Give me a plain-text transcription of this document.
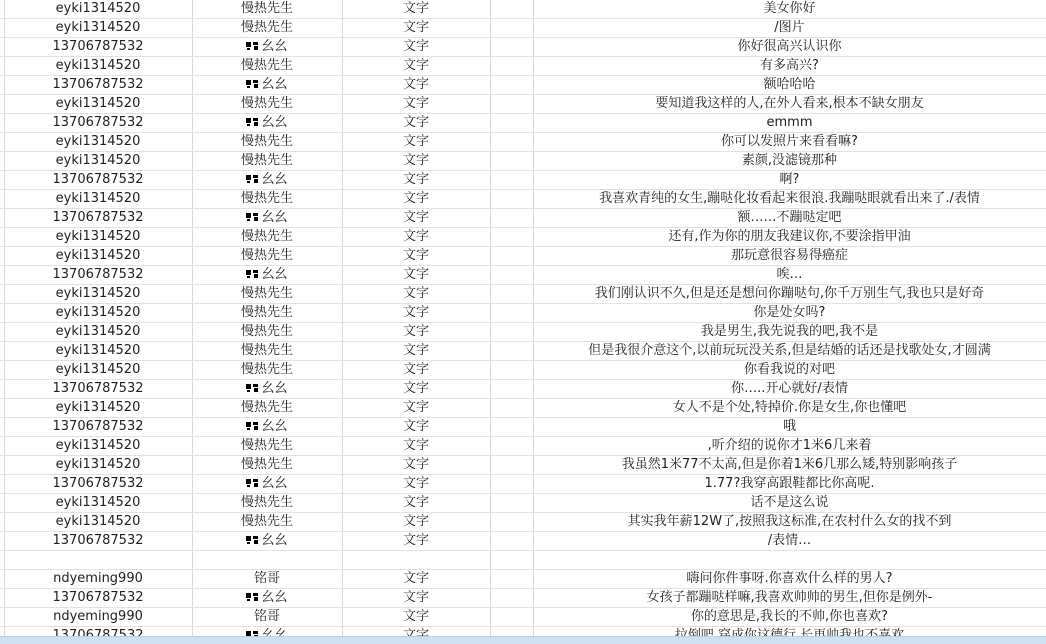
	eyki1314520	慢热先生	文字		美女你好
	eyki1314520	慢热先生	文字		/图片
	13706787532	幺幺	文字		你好很高兴认识你
	eyki1314520	慢热先生	文字		有多高兴?
	13706787532	幺幺	文字		额哈哈哈
	eyki1314520	慢热先生	文字		要知道我这样的人,在外人看来,根本不缺女朋友
	13706787532	幺幺	文字		emmm
	eyki1314520	慢热先生	文字		你可以发照片来看看嘛?
	eyki1314520	慢热先生	文字		素颜,没滤镜那种
	13706787532	幺幺	文字		啊?
	eyki1314520	慢热先生	文字		我喜欢青纯的女生,蹦哒化妆看起来很浪.我蹦哒眼就看出来了./表情
	13706787532	幺幺	文字		额……不蹦哒定吧
	eyki1314520	慢热先生	文字		还有,作为你的朋友我建议你,不要涂指甲油
	eyki1314520	慢热先生	文字		那玩意很容易得癌症
	13706787532	幺幺	文字		唉…
	eyki1314520	慢热先生	文字		我们刚认识不久,但是还是想问你蹦哒句,你千万别生气,我也只是好奇
	eyki1314520	慢热先生	文字		你是处女吗?
	eyki1314520	慢热先生	文字		我是男生,我先说我的吧,我不是
	eyki1314520	慢热先生	文字		但是我很介意这个,以前玩玩没关系,但是结婚的话还是找歌处女,才圆满
	eyki1314520	慢热先生	文字		你看我说的对吧
	13706787532	幺幺	文字		你…..开心就好/表情
	eyki1314520	慢热先生	文字		女人不是个处,特掉价.你是女生,你也懂吧
	13706787532	幺幺	文字		哦
	eyki1314520	慢热先生	文字		,听介绍的说你才1米6几来着
	eyki1314520	慢热先生	文字		我虽然1米77不太高,但是你着1米6几那么矮,特别影响孩子
	13706787532	幺幺	文字		1.77?我穿高跟鞋都比你高呢.
	eyki1314520	慢热先生	文字		话不是这么说
	eyki1314520	慢热先生	文字		其实我年薪12W了,按照我这标准,在农村什么女的找不到
	13706787532	幺幺	文字		/表情…

	ndyeming990	铭哥	文字		嗨问你件事呀.你喜欢什么样的男人?
	13706787532	幺幺	文字		女孩子都蹦哒样嘛,我喜欢帅帅的男生,但你是例外-
	ndyeming990	铭哥	文字		你的意思是,我长的不帅,你也喜欢?
